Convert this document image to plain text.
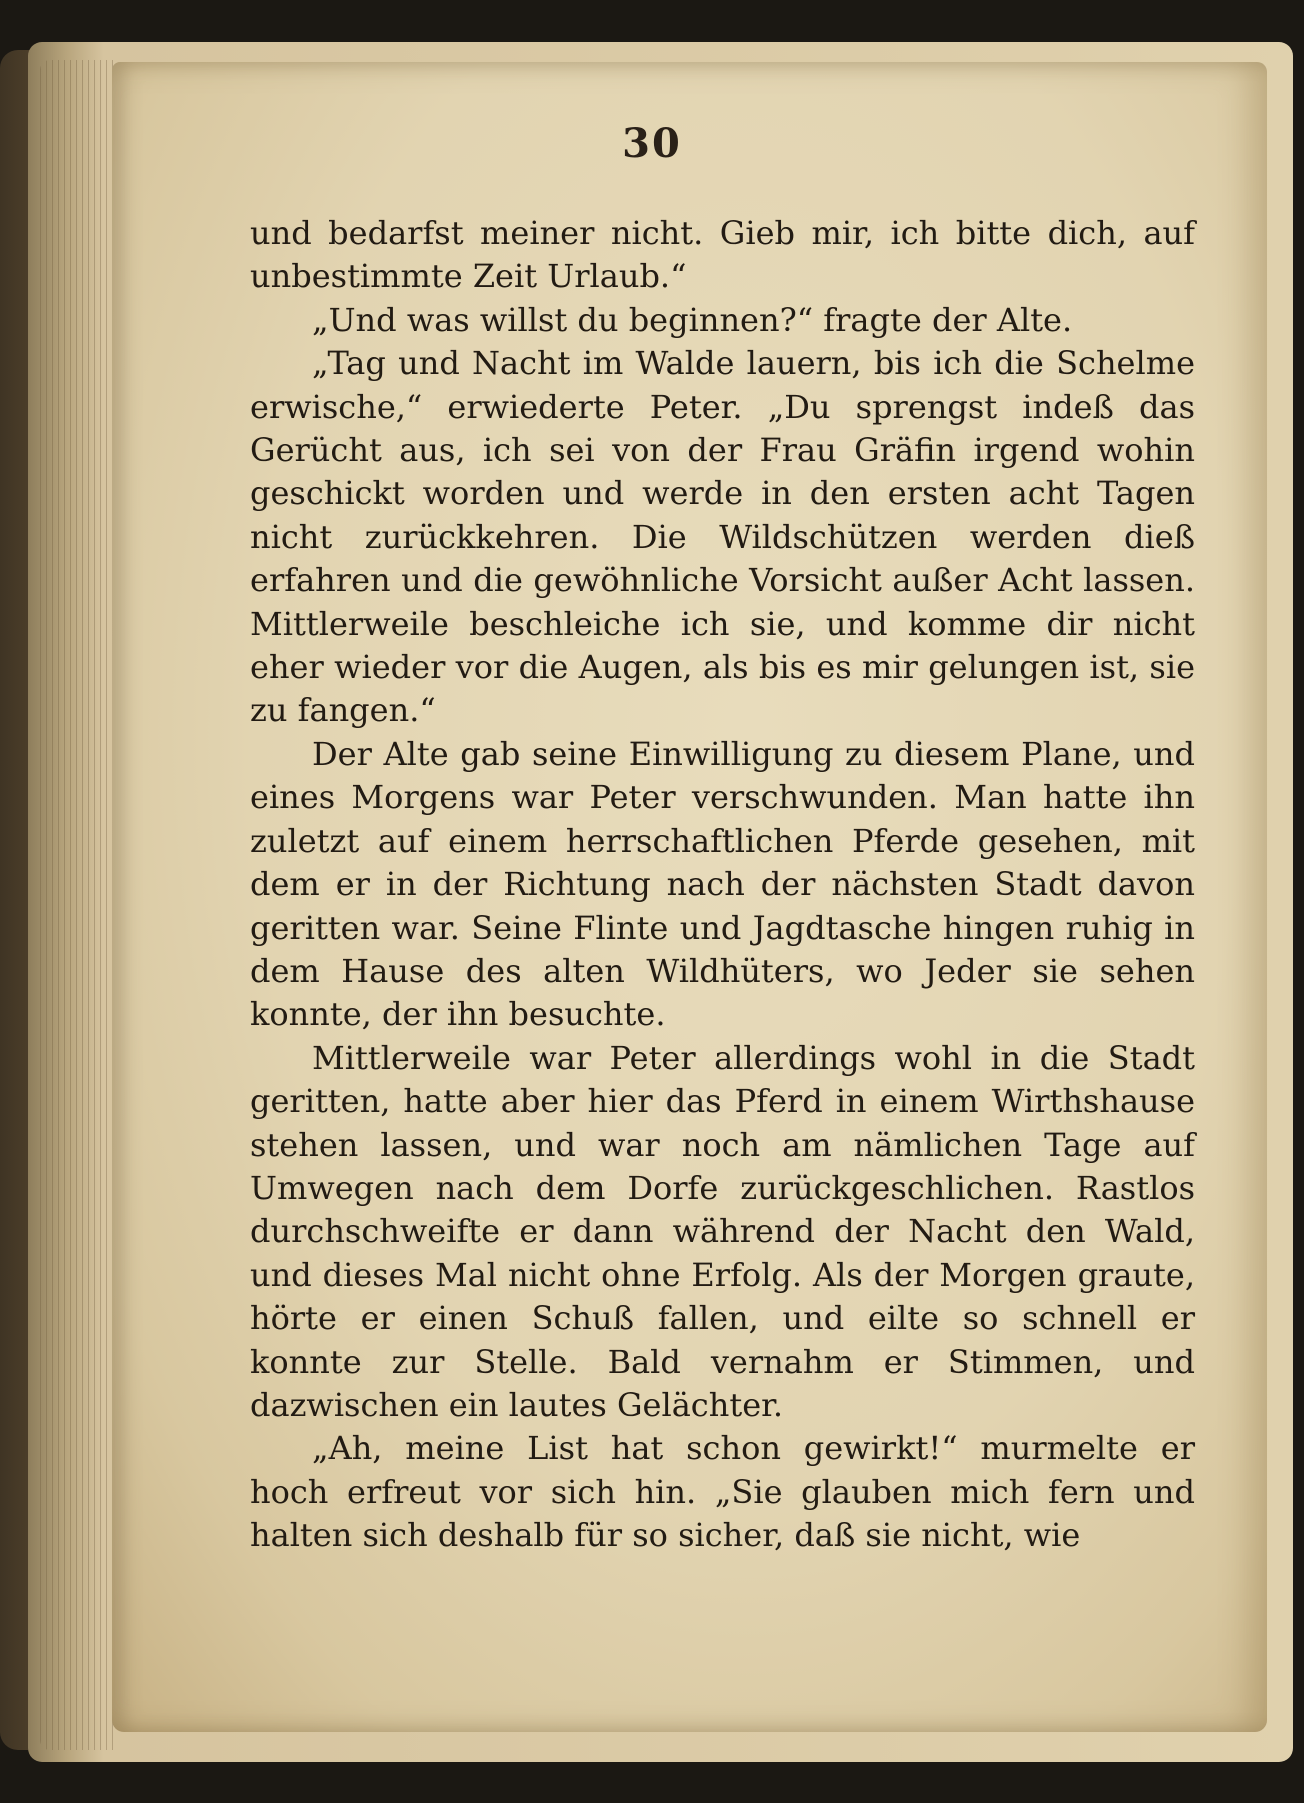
30

und bedarfst meiner nicht. Gieb mir, ich bitte dich, auf unbestimmte Zeit Urlaub.“

„Und was willst du beginnen?“ fragte der Alte.

„Tag und Nacht im Walde lauern, bis ich die Schelme erwische,“ erwiederte Peter. „Du sprengst indeß das Gerücht aus, ich sei von der Frau Gräfin irgend wohin geschickt worden und werde in den ersten acht Tagen nicht zurückkehren. Die Wildschützen werden dieß erfahren und die gewöhnliche Vorsicht außer Acht lassen. Mittlerweile beschleiche ich sie, und komme dir nicht eher wieder vor die Augen, als bis es mir gelungen ist, sie zu fangen.“

Der Alte gab seine Einwilligung zu diesem Plane, und eines Morgens war Peter verschwunden. Man hatte ihn zuletzt auf einem herrschaftlichen Pferde gesehen, mit dem er in der Richtung nach der nächsten Stadt davon geritten war. Seine Flinte und Jagdtasche hingen ruhig in dem Hause des alten Wildhüters, wo Jeder sie sehen konnte, der ihn besuchte.

Mittlerweile war Peter allerdings wohl in die Stadt geritten, hatte aber hier das Pferd in einem Wirthshause stehen lassen, und war noch am nämlichen Tage auf Umwegen nach dem Dorfe zurückgeschlichen. Rastlos durchschweifte er dann während der Nacht den Wald, und dieses Mal nicht ohne Erfolg. Als der Morgen graute, hörte er einen Schuß fallen, und eilte so schnell er konnte zur Stelle. Bald vernahm er Stimmen, und dazwischen ein lautes Gelächter.

„Ah, meine List hat schon gewirkt!“ murmelte er hoch erfreut vor sich hin. „Sie glauben mich fern und halten sich deshalb für so sicher, daß sie nicht, wie
